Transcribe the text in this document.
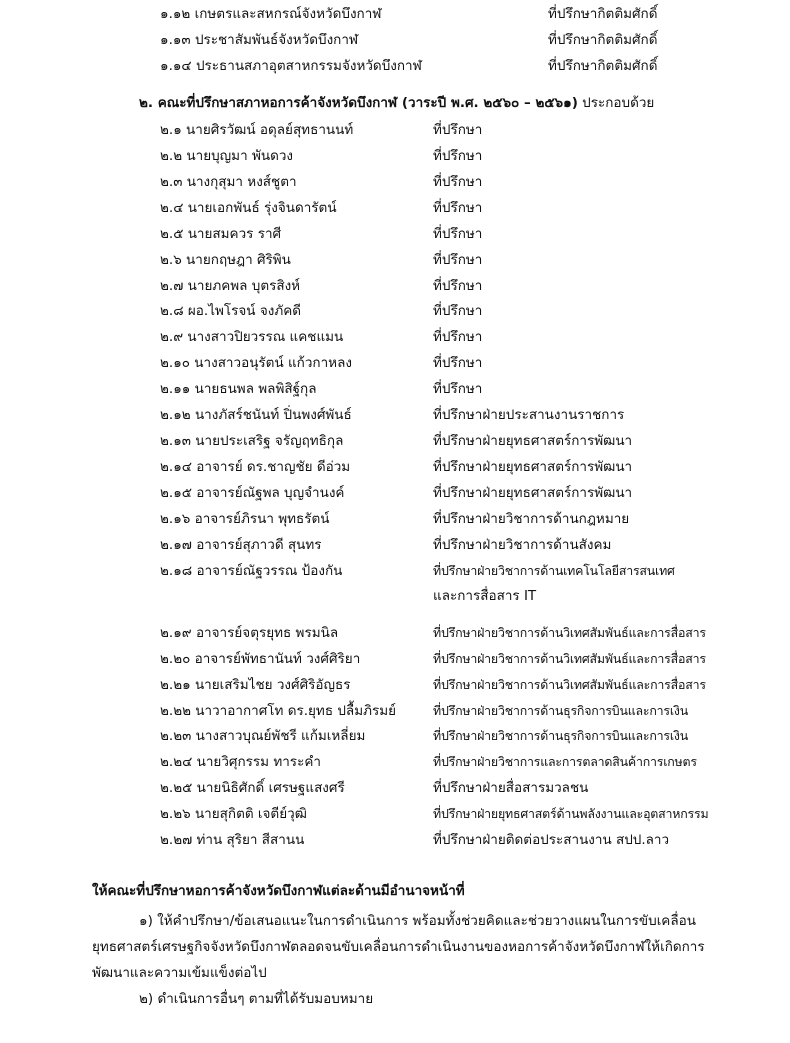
๑.๑๒ เกษตรและสหกรณ์จังหวัดบึงกาฬ	ที่ปรึกษากิตติมศักดิ์
๑.๑๓ ประชาสัมพันธ์จังหวัดบึงกาฬ	ที่ปรึกษากิตติมศักดิ์
๑.๑๔ ประธานสภาอุตสาหกรรมจังหวัดบึงกาฬ	ที่ปรึกษากิตติมศักดิ์
๒. คณะที่ปรึกษาสภาหอการค้าจังหวัดบึงกาฬ (วาระปี พ.ศ. ๒๕๖๐ – ๒๕๖๑) ประกอบด้วย
๒.๑ นายศิรวัฒน์ อดุลย์สุทธานนท์	ที่ปรึกษา
๒.๒ นายบุญมา พันดวง	ที่ปรึกษา
๒.๓ นางกุสุมา หงส์ชูตา	ที่ปรึกษา
๒.๔ นายเอกพันธ์ รุ่งจินดารัตน์	ที่ปรึกษา
๒.๕ นายสมควร ราศี	ที่ปรึกษา
๒.๖ นายกฤษฎา ศิริพิน	ที่ปรึกษา
๒.๗ นายภคพล บุตรสิงห์	ที่ปรึกษา
๒.๘ ผอ.ไพโรจน์ จงภัคดี	ที่ปรึกษา
๒.๙ นางสาวปิยวรรณ แคชแมน	ที่ปรึกษา
๒.๑๐ นางสาวอนุรัตน์ แก้วกาหลง	ที่ปรึกษา
๒.๑๑ นายธนพล พลพิสิฐ์กุล	ที่ปรึกษา
๒.๑๒ นางภัสร์ชนันท์ ปิ่นพงศ์พันธ์	ที่ปรึกษาฝ่ายประสานงานราชการ
๒.๑๓ นายประเสริฐ จรัญฤทธิกุล	ที่ปรึกษาฝ่ายยุทธศาสตร์การพัฒนา
๒.๑๔ อาจารย์ ดร.ชาญชัย ดีอ่วม	ที่ปรึกษาฝ่ายยุทธศาสตร์การพัฒนา
๒.๑๕ อาจารย์ณัฐพล บุญจำนงค์	ที่ปรึกษาฝ่ายยุทธศาสตร์การพัฒนา
๒.๑๖ อาจารย์ภิรนา พุทธรัตน์	ที่ปรึกษาฝ่ายวิชาการด้านกฎหมาย
๒.๑๗ อาจารย์สุภาวดี สุนทร	ที่ปรึกษาฝ่ายวิชาการด้านสังคม
๒.๑๘ อาจารย์ณัฐวรรณ ป้องกัน	ที่ปรึกษาฝ่ายวิชาการด้านเทคโนโลยีสารสนเทศ
และการสื่อสาร IT
๒.๑๙ อาจารย์จตุรยุทธ พรมนิล	ที่ปรึกษาฝ่ายวิชาการด้านวิเทศสัมพันธ์และการสื่อสาร
๒.๒๐ อาจารย์พัทธานันท์ วงศ์ศิริยา	ที่ปรึกษาฝ่ายวิชาการด้านวิเทศสัมพันธ์และการสื่อสาร
๒.๒๑ นายเสริมไชย วงศ์ศิริอัญธร	ที่ปรึกษาฝ่ายวิชาการด้านวิเทศสัมพันธ์และการสื่อสาร
๒.๒๒ นาวาอากาศโท ดร.ยุทธ ปลื้มภิรมย์	ที่ปรึกษาฝ่ายวิชาการด้านธุรกิจการบินและการเงิน
๒.๒๓ นางสาวบุณย์พัชรี แก้มเหลี่ยม	ที่ปรึกษาฝ่ายวิชาการด้านธุรกิจการบินและการเงิน
๒.๒๔ นายวิศุกรรม ทาระคำ	ที่ปรึกษาฝ่ายวิชาการและการตลาดสินค้าการเกษตร
๒.๒๕ นายนิธิศักดิ์ เศรษฐแสงศรี	ที่ปรึกษาฝ่ายสื่อสารมวลชน
๒.๒๖ นายสุกิตติ เจตีย์วุฒิ	ที่ปรึกษาฝ่ายยุทธศาสตร์ด้านพลังงานและอุตสาหกรรม
๒.๒๗ ท่าน สุริยา สีสานน	ที่ปรึกษาฝ่ายติดต่อประสานงาน สปป.ลาว
ให้คณะที่ปรึกษาหอการค้าจังหวัดบึงกาฬแต่ละด้านมีอำนาจหน้าที่
๑) ให้คำปรึกษา/ข้อเสนอแนะในการดำเนินการ พร้อมทั้งช่วยคิดและช่วยวางแผนในการขับเคลื่อน
ยุทธศาสตร์เศรษฐกิจจังหวัดบึงกาฬตลอดจนขับเคลื่อนการดำเนินงานของหอการค้าจังหวัดบึงกาฬให้เกิดการ
พัฒนาและความเข้มแข็งต่อไป
๒) ดำเนินการอื่นๆ ตามที่ได้รับมอบหมาย
